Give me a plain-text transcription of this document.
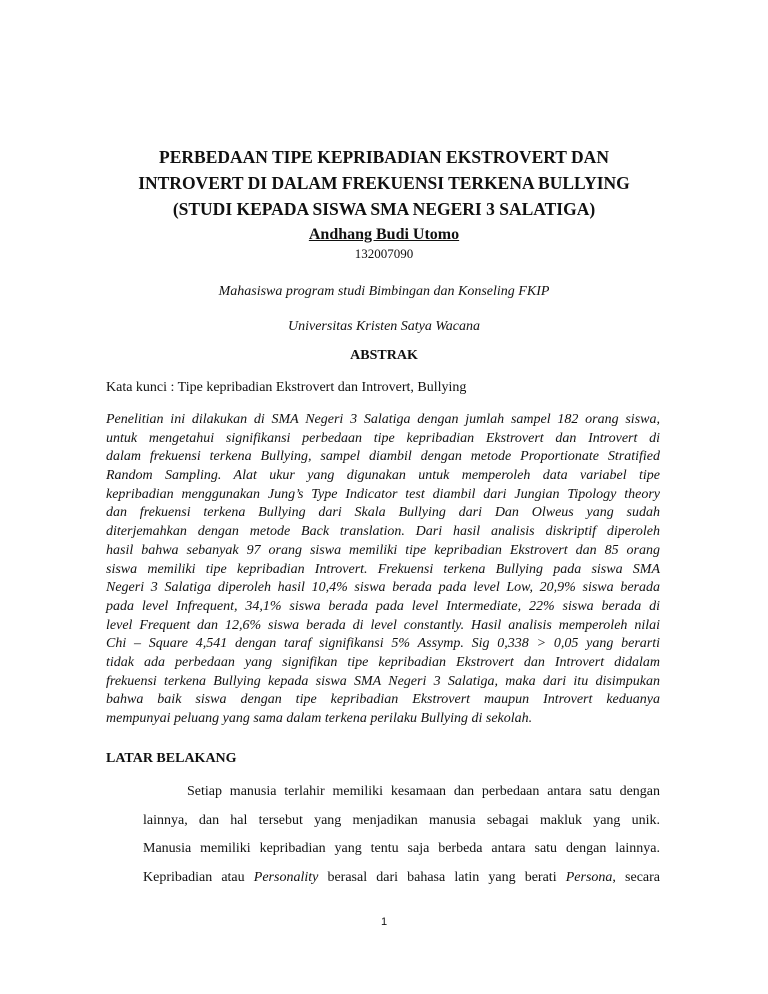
PERBEDAAN TIPE KEPRIBADIAN EKSTROVERT DAN
INTROVERT DI DALAM FREKUENSI TERKENA BULLYING
(STUDI KEPADA SISWA SMA NEGERI 3 SALATIGA)
Andhang Budi Utomo
132007090
Mahasiswa program studi Bimbingan dan Konseling FKIP
Universitas Kristen Satya Wacana
ABSTRAK
Kata kunci : Tipe kepribadian Ekstrovert dan Introvert, Bullying
Penelitian ini dilakukan di SMA Negeri 3 Salatiga dengan jumlah sampel 182 orang siswa,
untuk mengetahui signifikansi perbedaan tipe kepribadian Ekstrovert dan Introvert di
dalam frekuensi terkena Bullying, sampel diambil dengan metode Proportionate Stratified
Random Sampling. Alat ukur yang digunakan untuk memperoleh data variabel tipe
kepribadian menggunakan Jung’s Type Indicator test diambil dari Jungian Tipology theory
dan frekuensi terkena Bullying dari Skala Bullying dari Dan Olweus yang sudah
diterjemahkan dengan metode Back translation. Dari hasil analisis diskriptif diperoleh
hasil bahwa sebanyak 97 orang siswa memiliki tipe kepribadian Ekstrovert dan 85 orang
siswa memiliki tipe kepribadian Introvert. Frekuensi terkena Bullying pada siswa SMA
Negeri 3 Salatiga diperoleh hasil 10,4% siswa berada pada level Low, 20,9% siswa berada
pada level Infrequent, 34,1% siswa berada pada level Intermediate, 22% siswa berada di
level Frequent dan 12,6% siswa berada di level constantly. Hasil analisis memperoleh nilai
Chi – Square 4,541 dengan taraf signifikansi 5% Assymp. Sig 0,338 > 0,05 yang berarti
tidak ada perbedaan yang signifikan tipe kepribadian Ekstrovert dan Introvert didalam
frekuensi terkena Bullying kepada siswa SMA Negeri 3 Salatiga, maka dari itu disimpukan
bahwa baik siswa dengan tipe kepribadian Ekstrovert maupun Introvert keduanya
mempunyai peluang yang sama dalam terkena perilaku Bullying di sekolah.
LATAR BELAKANG
Setiap manusia terlahir memiliki kesamaan dan perbedaan antara satu dengan
lainnya, dan hal tersebut yang menjadikan manusia sebagai makluk yang unik.
Manusia memiliki kepribadian yang tentu saja berbeda antara satu dengan lainnya.
Kepribadian atau Personality berasal dari bahasa latin yang berati Persona, secara
1
